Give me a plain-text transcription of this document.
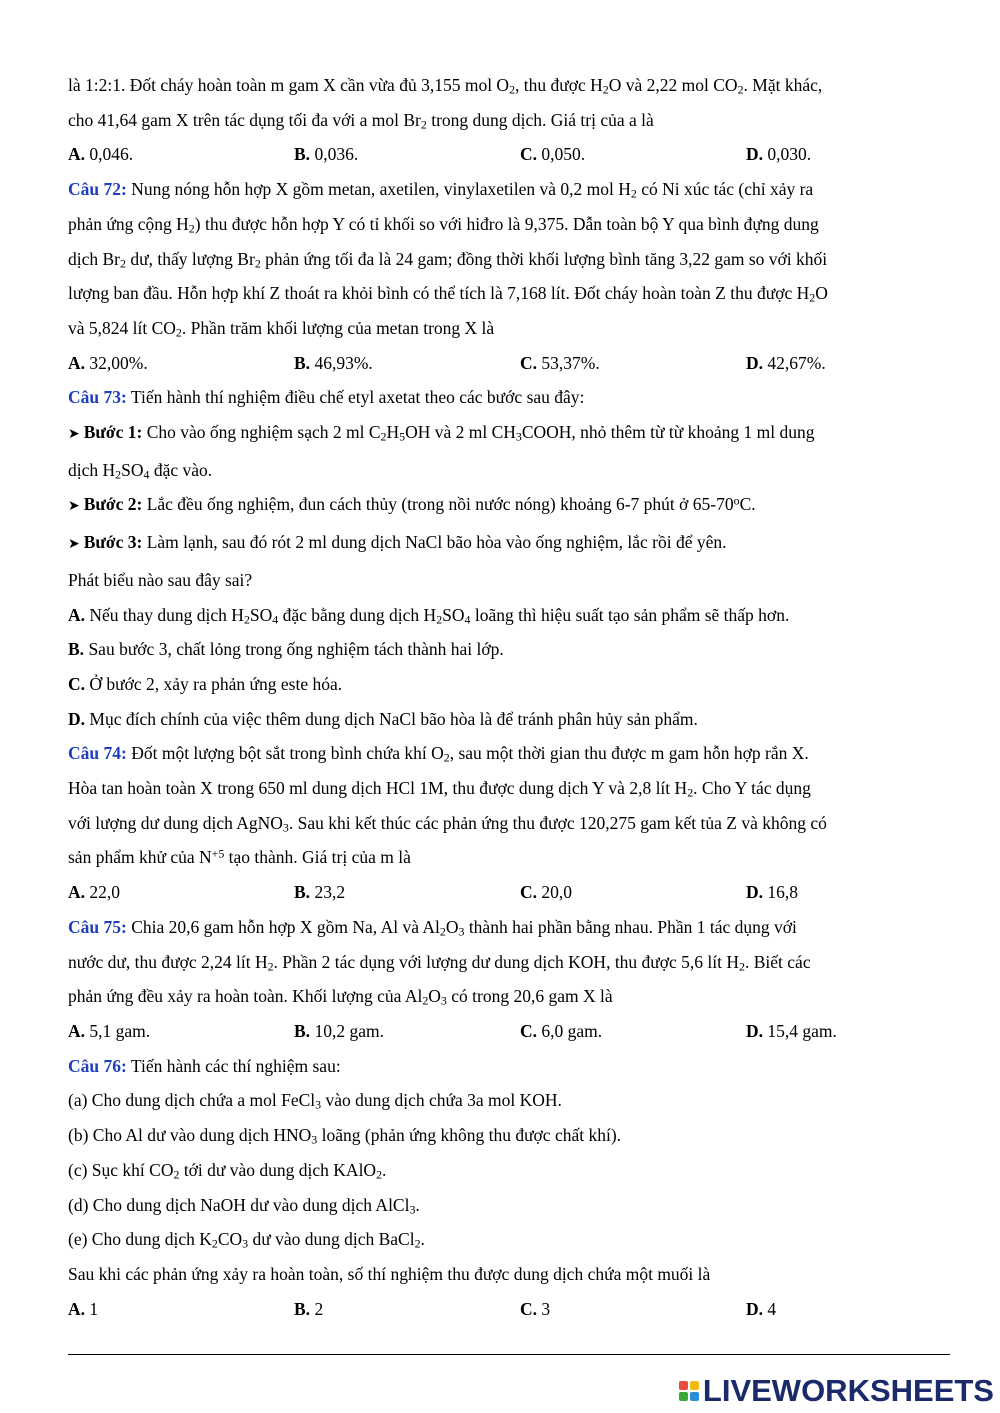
là 1:2:1. Đốt cháy hoàn toàn m gam X cần vừa đủ 3,155 mol $O_2$, thu được $H_2O$ và 2,22 mol $CO_2$. Mặt khác,

cho 41,64 gam X trên tác dụng tối đa với a mol $Br_2$ trong dung dịch. Giá trị của a là

A. 0,046.	B. 0,036.	C. 0,050.	D. 0,030.

Câu 72: Nung nóng hỗn hợp X gồm metan, axetilen, vinylaxetilen và 0,2 mol $H_2$ có Ni xúc tác (chỉ xảy ra

phản ứng cộng $H_2$) thu được hỗn hợp Y có tỉ khối so với hiđro là 9,375. Dẫn toàn bộ Y qua bình đựng dung

dịch $Br_2$ dư, thấy lượng $Br_2$ phản ứng tối đa là 24 gam; đồng thời khối lượng bình tăng 3,22 gam so với khối

lượng ban đầu. Hỗn hợp khí Z thoát ra khỏi bình có thể tích là 7,168 lít. Đốt cháy hoàn toàn Z thu được $H_2O$

và 5,824 lít $CO_2$. Phần trăm khối lượng của metan trong X là

A. 32,00%.	B. 46,93%.	C. 53,37%.	D. 42,67%.

Câu 73: Tiến hành thí nghiệm điều chế etyl axetat theo các bước sau đây:

➤ Bước 1: Cho vào ống nghiệm sạch 2 ml $C_2H_5OH$ và 2 ml $CH_3COOH$, nhỏ thêm từ từ khoảng 1 ml dung

dịch $H_2SO_4$ đặc vào.

➤ Bước 2: Lắc đều ống nghiệm, đun cách thủy (trong nồi nước nóng) khoảng 6-7 phút ở 65-70$^o$C.

➤ Bước 3: Làm lạnh, sau đó rót 2 ml dung dịch NaCl bão hòa vào ống nghiệm, lắc rồi để yên.

Phát biểu nào sau đây sai?

A. Nếu thay dung dịch $H_2SO_4$ đặc bằng dung dịch $H_2SO_4$ loãng thì hiệu suất tạo sản phẩm sẽ thấp hơn.

B. Sau bước 3, chất lỏng trong ống nghiệm tách thành hai lớp.

C. Ở bước 2, xảy ra phản ứng este hóa.

D. Mục đích chính của việc thêm dung dịch NaCl bão hòa là để tránh phân hủy sản phẩm.

Câu 74: Đốt một lượng bột sắt trong bình chứa khí $O_2$, sau một thời gian thu được m gam hỗn hợp rắn X.

Hòa tan hoàn toàn X trong 650 ml dung dịch HCl 1M, thu được dung dịch Y và 2,8 lít $H_2$. Cho Y tác dụng

với lượng dư dung dịch AgNO$_3$. Sau khi kết thúc các phản ứng thu được 120,275 gam kết tủa Z và không có

sản phẩm khử của $N^{+5}$ tạo thành. Giá trị của m là

A. 22,0	B. 23,2	C. 20,0	D. 16,8

Câu 75: Chia 20,6 gam hỗn hợp X gồm Na, Al và $Al_2O_3$ thành hai phần bằng nhau. Phần 1 tác dụng với

nước dư, thu được 2,24 lít $H_2$. Phần 2 tác dụng với lượng dư dung dịch KOH, thu được 5,6 lít $H_2$. Biết các

phản ứng đều xảy ra hoàn toàn. Khối lượng của $Al_2O_3$ có trong 20,6 gam X là

A. 5,1 gam.	B. 10,2 gam.	C. 6,0 gam.	D. 15,4 gam.

Câu 76: Tiến hành các thí nghiệm sau:

(a) Cho dung dịch chứa a mol FeCl$_3$ vào dung dịch chứa 3a mol KOH.

(b) Cho Al dư vào dung dịch $HNO_3$ loãng (phản ứng không thu được chất khí).

(c) Sục khí $CO_2$ tới dư vào dung dịch KAlO$_2$.

(d) Cho dung dịch NaOH dư vào dung dịch AlCl$_3$.

(e) Cho dung dịch $K_2CO_3$ dư vào dung dịch BaCl$_2$.

Sau khi các phản ứng xảy ra hoàn toàn, số thí nghiệm thu được dung dịch chứa một muối là

A. 1	B. 2	C. 3	D. 4
LIVEWORKSHEETS
